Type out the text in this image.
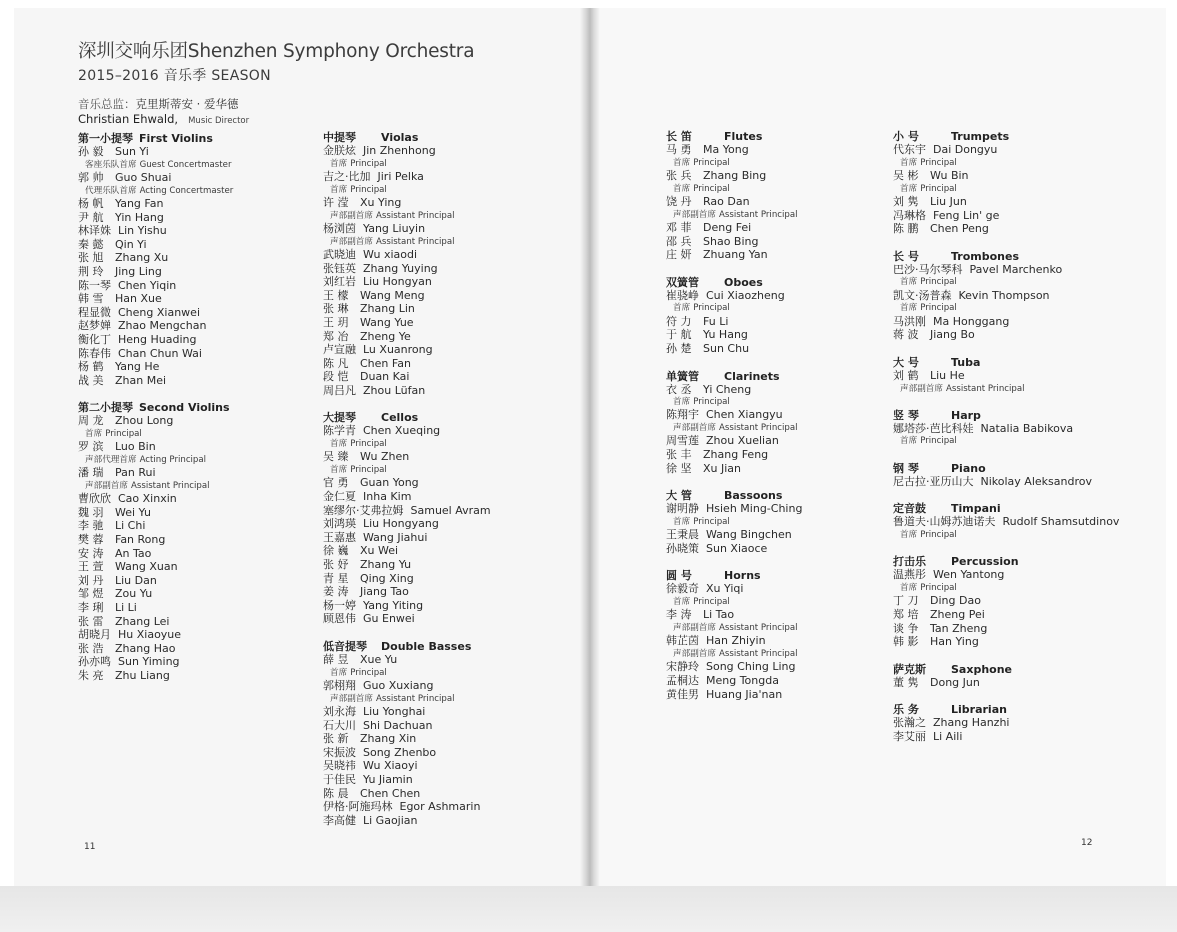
深圳交响乐团Shenzhen Symphony Orchestra
2015–2016 音乐季 SEASON
音乐总监：克里斯蒂安 · 爱华德
Christian Ehwald, Music Director
第一小提琴 First Violins
孙 毅 Sun Yi
客座乐队首席 Guest Concertmaster
郭 帅 Guo Shuai
代理乐队首席 Acting Concertmaster
杨 帆 Yang Fan
尹 航 Yin Hang
林译姝 Lin Yishu
秦 懿 Qin Yi
张 旭 Zhang Xu
荆 玲 Jing Ling
陈一琴 Chen Yiqin
韩 雪 Han Xue
程显微 Cheng Xianwei
赵梦婵 Zhao Mengchan
衡化丁 Heng Huading
陈春伟 Chan Chun Wai
杨 鹤 Yang He
战 美 Zhan Mei
第二小提琴 Second Violins
周 龙 Zhou Long
首席 Principal
罗 滨 Luo Bin
声部代理首席 Acting Principal
潘 瑞 Pan Rui
声部副首席 Assistant Principal
曹欣欣 Cao Xinxin
魏 羽 Wei Yu
李 驰 Li Chi
樊 蓉 Fan Rong
安 涛 An Tao
王 萱 Wang Xuan
刘 丹 Liu Dan
邹 煜 Zou Yu
李 琍 Li Li
张 雷 Zhang Lei
胡晓月 Hu Xiaoyue
张 浩 Zhang Hao
孙亦鸣 Sun Yiming
朱 亮 Zhu Liang
中提琴 Violas
金朕炫 Jin Zhenhong
首席 Principal
吉之·比加 Jiri Pelka
首席 Principal
许 滢 Xu Ying
声部副首席 Assistant Principal
杨浏茵 Yang Liuyin
声部副首席 Assistant Principal
武晓迪 Wu xiaodi
张钰英 Zhang Yuying
刘红岩 Liu Hongyan
王 檬 Wang Meng
张 琳 Zhang Lin
王 玥 Wang Yue
郑 冶 Zheng Ye
卢宣融 Lu Xuanrong
陈 凡 Chen Fan
段 恺 Duan Kai
周吕凡 Zhou Lüfan
大提琴 Cellos
陈学青 Chen Xueqing
首席 Principal
吴 臻 Wu Zhen
首席 Principal
官 勇 Guan Yong
金仁夏 Inha Kim
塞缪尔·艾弗拉姆 Samuel Avram
刘鸿瑛 Liu Hongyang
王嘉惠 Wang Jiahui
徐 巍 Xu Wei
张 妤 Zhang Yu
青 星 Qing Xing
姜 涛 Jiang Tao
杨一婷 Yang Yiting
顾恩伟 Gu Enwei
低音提琴 Double Basses
薛 昱 Xue Yu
首席 Principal
郭栩翔 Guo Xuxiang
声部副首席 Assistant Principal
刘永海 Liu Yonghai
石大川 Shi Dachuan
张 新 Zhang Xin
宋振波 Song Zhenbo
吴晓祎 Wu Xiaoyi
于佳民 Yu Jiamin
陈 晨 Chen Chen
伊格·阿施玛林 Egor Ashmarin
李高健 Li Gaojian
长 笛	Flutes
马 勇 Ma Yong
首席 Principal
张 兵 Zhang Bing
首席 Principal
饶 丹 Rao Dan
声部副首席 Assistant Principal
邓 菲 Deng Fei
邵 兵 Shao Bing
庄 妍 Zhuang Yan
双簧管 Oboes
崔骁峥 Cui Xiaozheng
首席 Principal
符 力 Fu Li
于 航 Yu Hang
孙 楚 Sun Chu
单簧管 Clarinets
衣 丞 Yi Cheng
首席 Principal
陈翔宇 Chen Xiangyu
声部副首席 Assistant Principal
周雪莲 Zhou Xuelian
张 丰 Zhang Feng
徐 坚 Xu Jian
大 管	Bassoons
谢明静 Hsieh Ming-Ching
首席 Principal
王秉晨 Wang Bingchen
孙晓策 Sun Xiaoce
圆 号	Horns
徐毅奇 Xu Yiqi
首席 Principal
李 涛 Li Tao
声部副首席 Assistant Principal
韩芷茵 Han Zhiyin
声部副首席 Assistant Principal
宋静玲 Song Ching Ling
孟桐达 Meng Tongda
黄佳男 Huang Jia'nan
小 号	Trumpets
代东宇 Dai Dongyu
首席 Principal
吴 彬 Wu Bin
首席 Principal
刘 隽 Liu Jun
冯琳格 Feng Lin' ge
陈 鹏 Chen Peng
长 号	Trombones
巴沙·马尔琴科 Pavel Marchenko
首席 Principal
凯文·汤普森 Kevin Thompson
首席 Principal
马洪刚 Ma Honggang
蒋 波 Jiang Bo
大 号	Tuba
刘 鹤 Liu He
声部副首席 Assistant Principal
竖 琴	Harp
娜塔莎·芭比科娃 Natalia Babikova
首席 Principal
钢 琴	Piano
尼古拉·亚历山大 Nikolay Aleksandrov
定音鼓 Timpani
鲁道夫·山姆苏迪诺夫 Rudolf Shamsutdinov
首席 Principal
打击乐 Percussion
温燕彤 Wen Yantong
首席 Principal
丁 刀 Ding Dao
郑 培 Zheng Pei
谈 争 Tan Zheng
韩 影 Han Ying
萨克斯 Saxphone
董 隽 Dong Jun
乐 务	Librarian
张瀚之 Zhang Hanzhi
李艾丽 Li Aili
11	12
